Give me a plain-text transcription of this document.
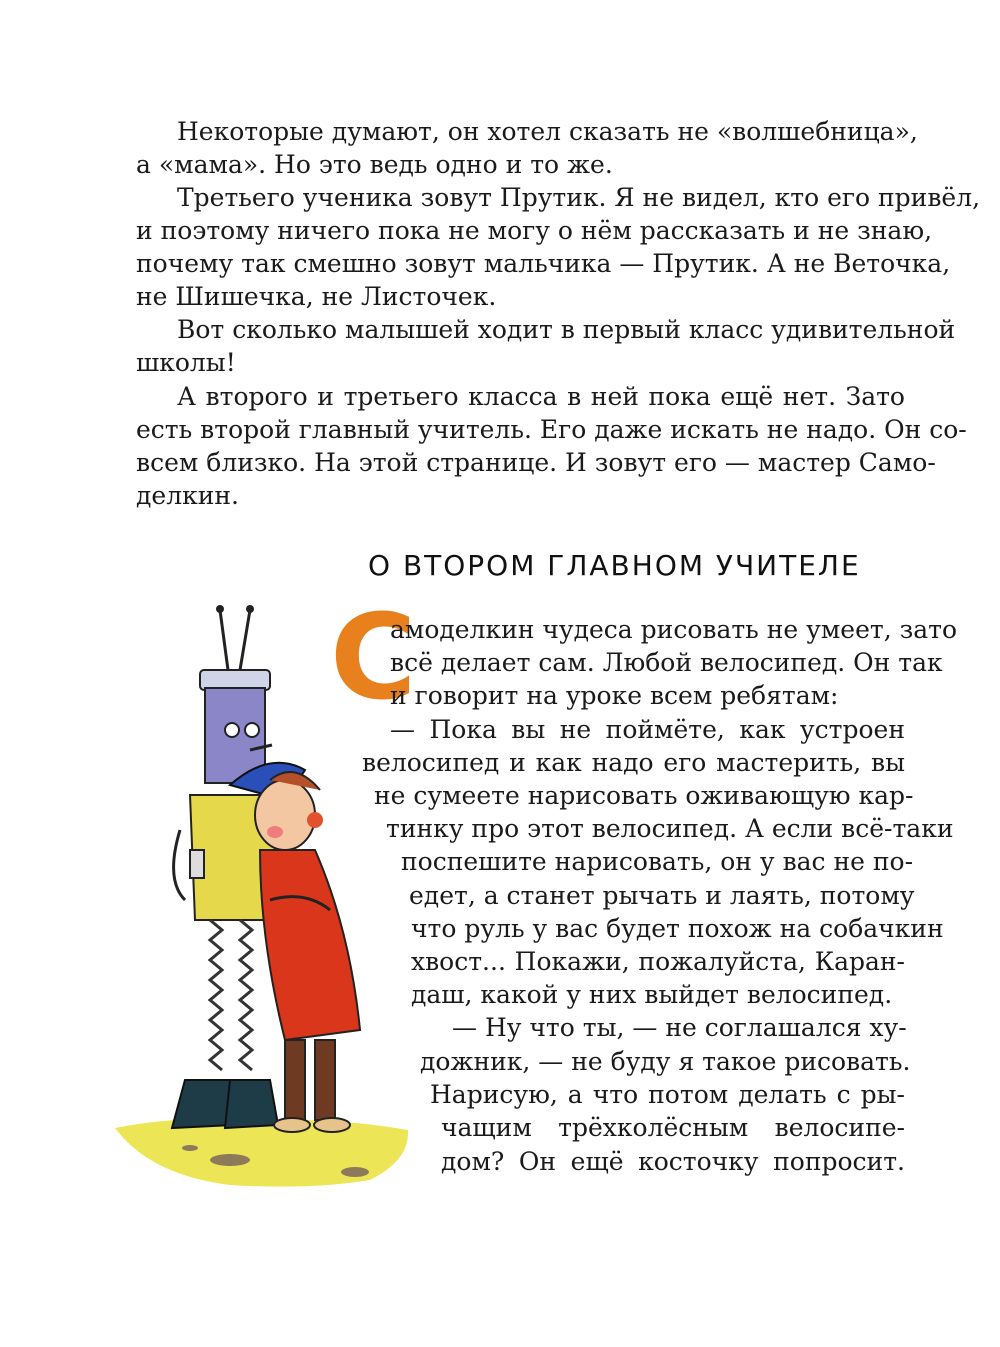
Некоторые думают, он хотел сказать не «волшебница»,
а «мама». Но это ведь одно и то же.
Третьего ученика зовут Прутик. Я не видел, кто его привёл,
и поэтому ничего пока не могу о нём рассказать и не знаю,
почему так смешно зовут мальчика — Прутик. А не Веточка,
не Шишечка, не Листочек.
Вот сколько малышей ходит в первый класс удивительной
школы!
А второго и третьего класса в ней пока ещё нет. Зато
есть второй главный учитель. Его даже искать не надо. Он со-
всем близко. На этой странице. И зовут его — мастер Само-
делкин.
О ВТОРОМ ГЛАВНОМ УЧИТЕЛЕ
С
амоделкин чудеса рисовать не умеет, зато
всё делает сам. Любой велосипед. Он так
и говорит на уроке всем ребятам:
— Пока вы не поймёте, как устроен
велосипед и как надо его мастерить, вы
не сумеете нарисовать оживающую кар-
тинку про этот велосипед. А если всё-таки
поспешите нарисовать, он у вас не по-
едет, а станет рычать и лаять, потому
что руль у вас будет похож на собачкин
хвост... Покажи, пожалуйста, Каран-
даш, какой у них выйдет велосипед.
— Ну что ты, — не соглашался ху-
дожник, — не буду я такое рисовать.
Нарисую, а что потом делать с ры-
чащим трёхколёсным велосипе-
дом? Он ещё косточку попросит.
